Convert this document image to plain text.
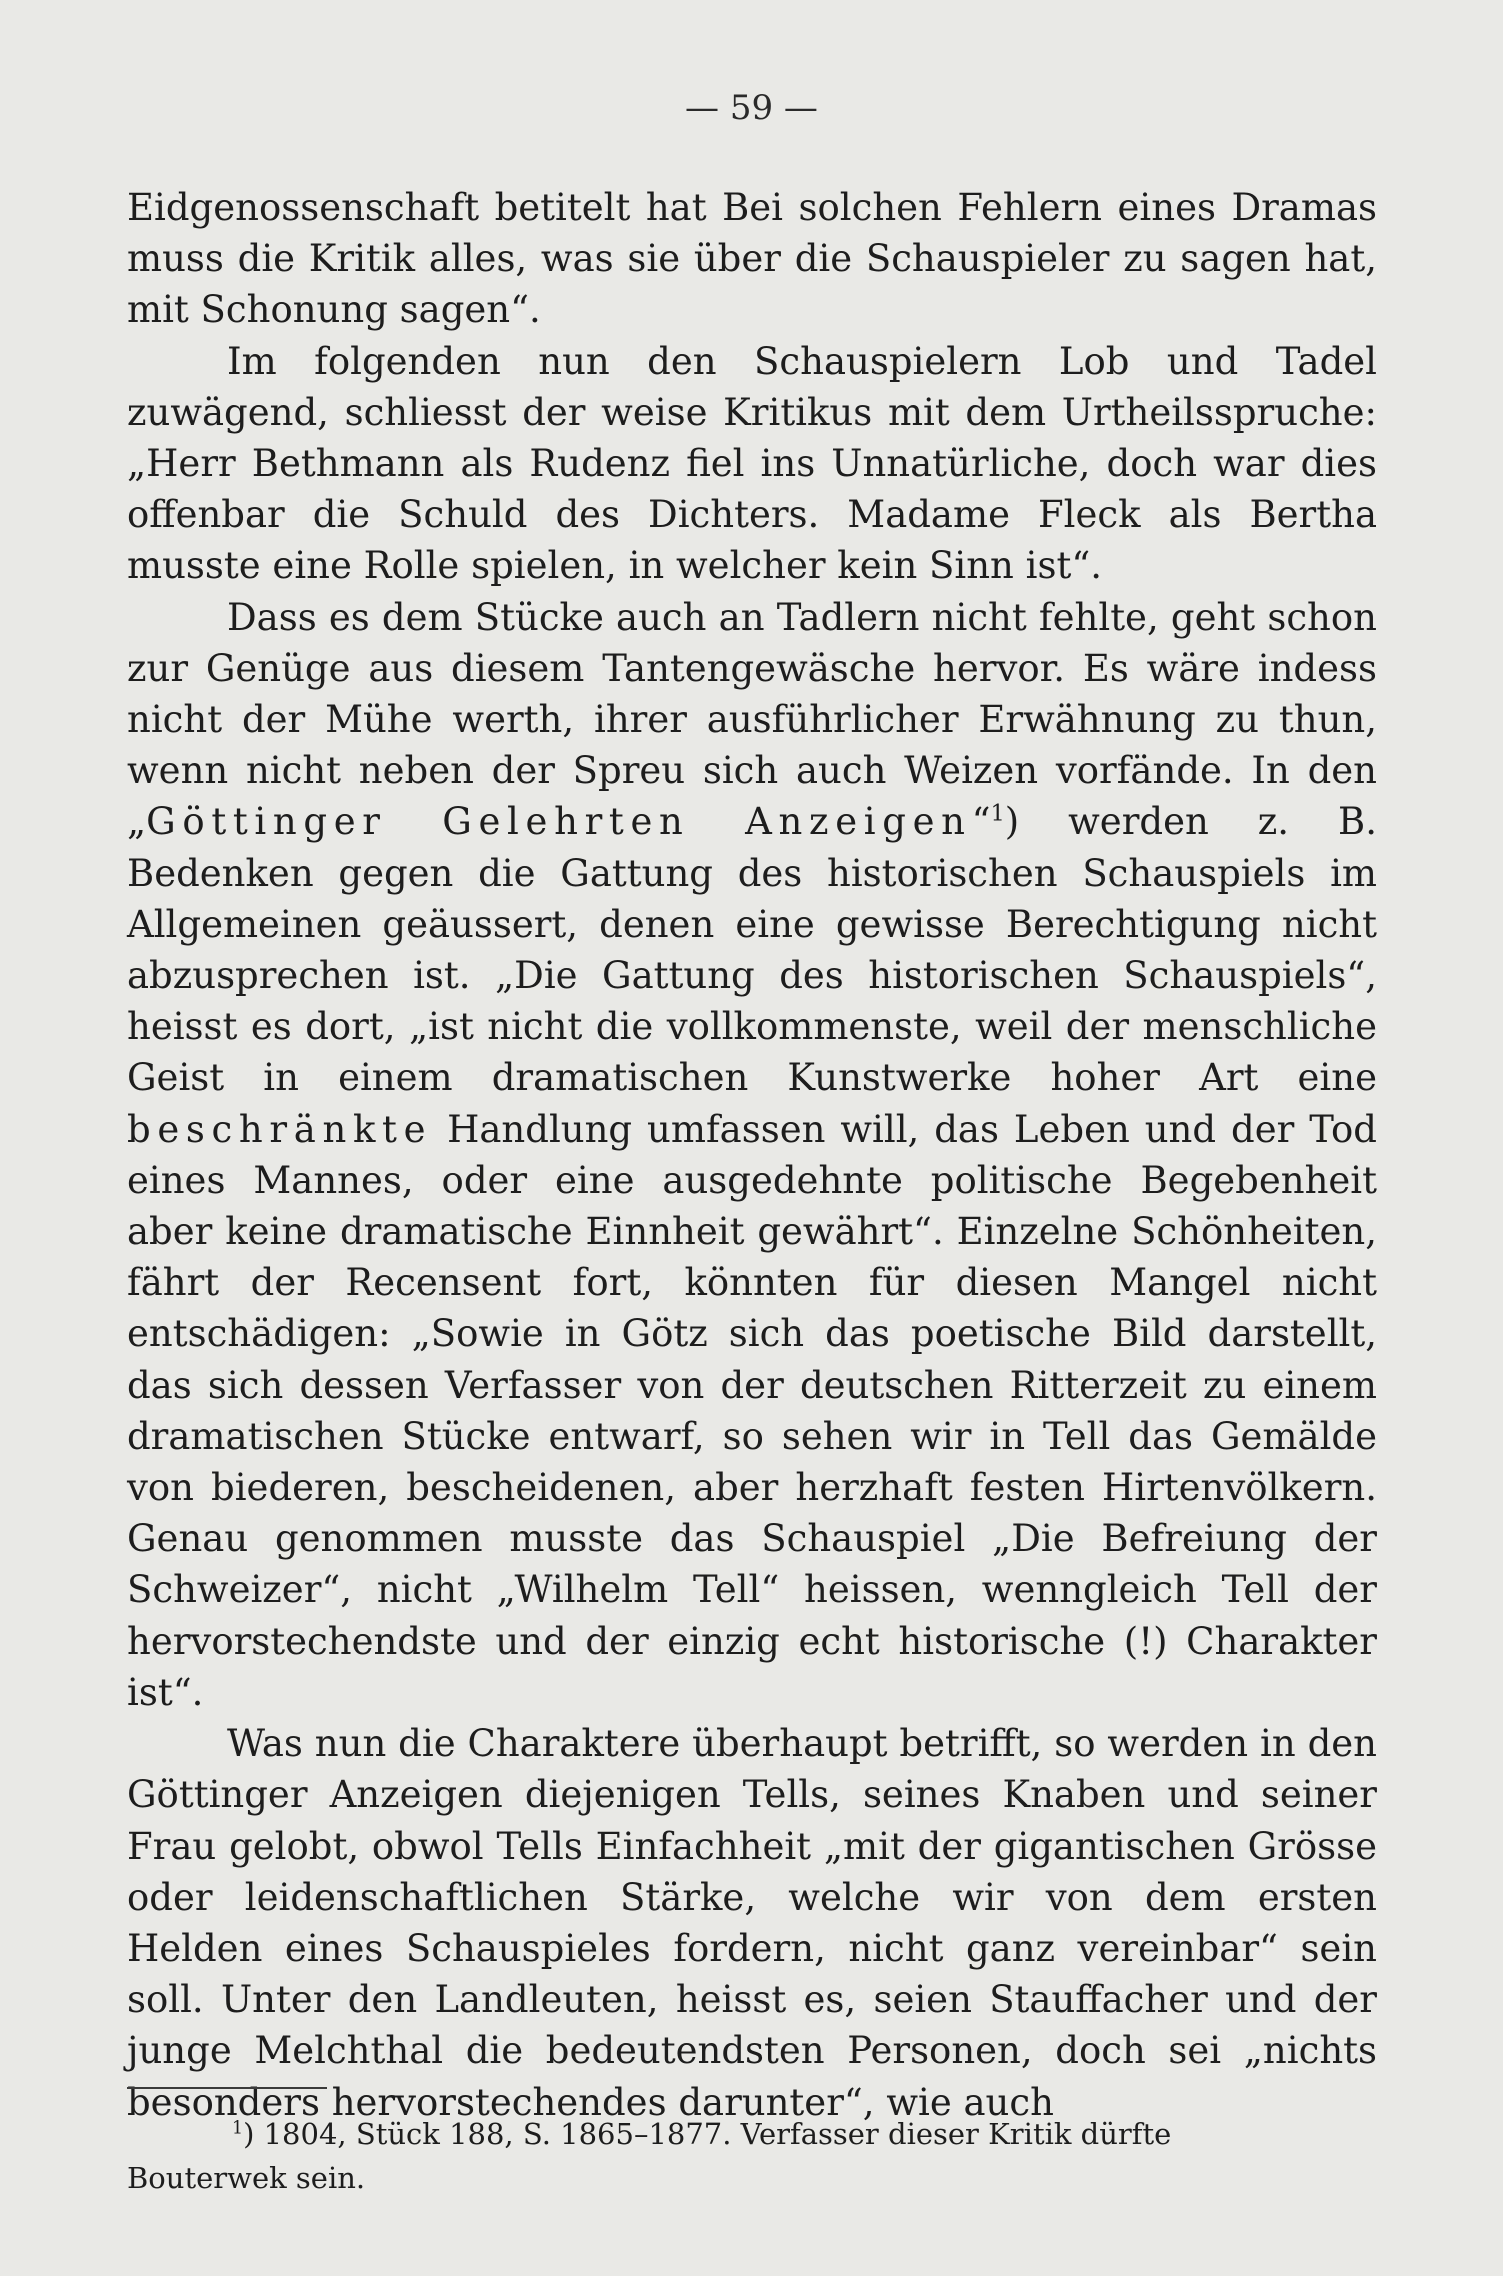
— 59 —

Eidgenossenschaft betitelt hat Bei solchen Fehlern eines Dramas muss die Kritik alles, was sie über die Schauspieler zu sagen hat, mit Schonung sagen“.

Im folgenden nun den Schauspielern Lob und Tadel zuwägend, schliesst der weise Kritikus mit dem Urtheilsspruche: „Herr Bethmann als Rudenz fiel ins Unnatürliche, doch war dies offenbar die Schuld des Dichters. Madame Fleck als Bertha musste eine Rolle spielen, in welcher kein Sinn ist“.

Dass es dem Stücke auch an Tadlern nicht fehlte, geht schon zur Genüge aus diesem Tantengewäsche hervor. Es wäre indess nicht der Mühe werth, ihrer ausführlicher Erwähnung zu thun, wenn nicht neben der Spreu sich auch Weizen vorfände. In den „Göttinger Gelehrten Anzeigen“$^1$) werden z. B. Bedenken gegen die Gattung des historischen Schauspiels im Allgemeinen geäussert, denen eine gewisse Berechtigung nicht abzusprechen ist. „Die Gattung des historischen Schauspiels“, heisst es dort, „ist nicht die vollkommenste, weil der menschliche Geist in einem dramatischen Kunstwerke hoher Art eine beschränkte Handlung umfassen will, das Leben und der Tod eines Mannes, oder eine ausgedehnte politische Begebenheit aber keine dramatische Einnheit gewährt“. Einzelne Schönheiten, fährt der Recensent fort, könnten für diesen Mangel nicht entschädigen: „Sowie in Götz sich das poetische Bild darstellt, das sich dessen Verfasser von der deutschen Ritterzeit zu einem dramatischen Stücke entwarf, so sehen wir in Tell das Gemälde von biederen, bescheidenen, aber herzhaft festen Hirtenvölkern. Genau genommen musste das Schauspiel „Die Befreiung der Schweizer“, nicht „Wilhelm Tell“ heissen, wenngleich Tell der hervorstechendste und der einzig echt historische (!) Charakter ist“.

Was nun die Charaktere überhaupt betrifft, so werden in den Göttinger Anzeigen diejenigen Tells, seines Knaben und seiner Frau gelobt, obwol Tells Einfachheit „mit der gigantischen Grösse oder leidenschaftlichen Stärke, welche wir von dem ersten Helden eines Schauspieles fordern, nicht ganz vereinbar“ sein soll. Unter den Landleuten, heisst es, seien Stauffacher und der junge Melchthal die bedeutendsten Personen, doch sei „nichts besonders hervorstechendes darunter“, wie auch

$^1$) 1804, Stück 188, S. 1865–1877. Verfasser dieser Kritik dürfte
Bouterwek sein.
